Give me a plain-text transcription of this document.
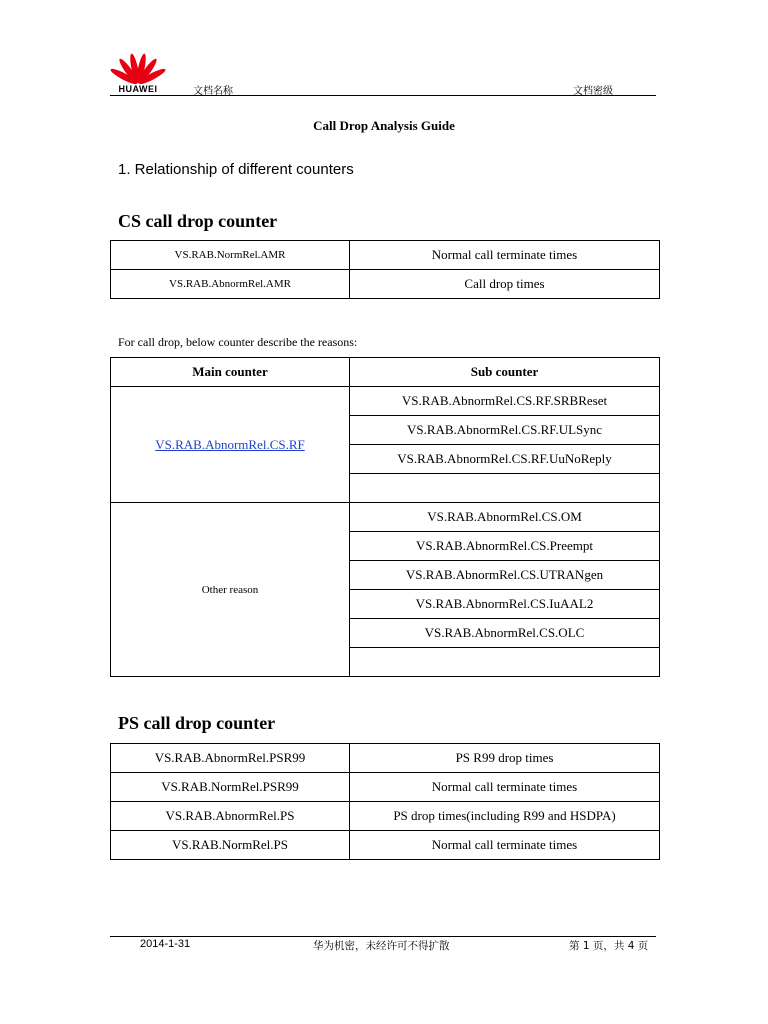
HUAWEI	文档名称	文档密级
Call Drop Analysis Guide
1. Relationship of different counters
CS call drop counter
VS.RAB.NormRel.AMR	Normal call terminate times
VS.RAB.AbnormRel.AMR	Call drop times
For call drop, below counter describe the reasons:
Main counter	Sub counter
VS.RAB.AbnormRel.CS.RF	VS.RAB.AbnormRel.CS.RF.SRBReset
	VS.RAB.AbnormRel.CS.RF.ULSync
	VS.RAB.AbnormRel.CS.RF.UuNoReply

Other reason	VS.RAB.AbnormRel.CS.OM
	VS.RAB.AbnormRel.CS.Preempt
	VS.RAB.AbnormRel.CS.UTRANgen
	VS.RAB.AbnormRel.CS.IuAAL2
	VS.RAB.AbnormRel.CS.OLC

PS call drop counter
VS.RAB.AbnormRel.PSR99	PS R99 drop times
VS.RAB.NormRel.PSR99	Normal call terminate times
VS.RAB.AbnormRel.PS	PS drop times(including R99 and HSDPA)
VS.RAB.NormRel.PS	Normal call terminate times
2014-1-31	华为机密，未经许可不得扩散	第 1 页，共 4 页
